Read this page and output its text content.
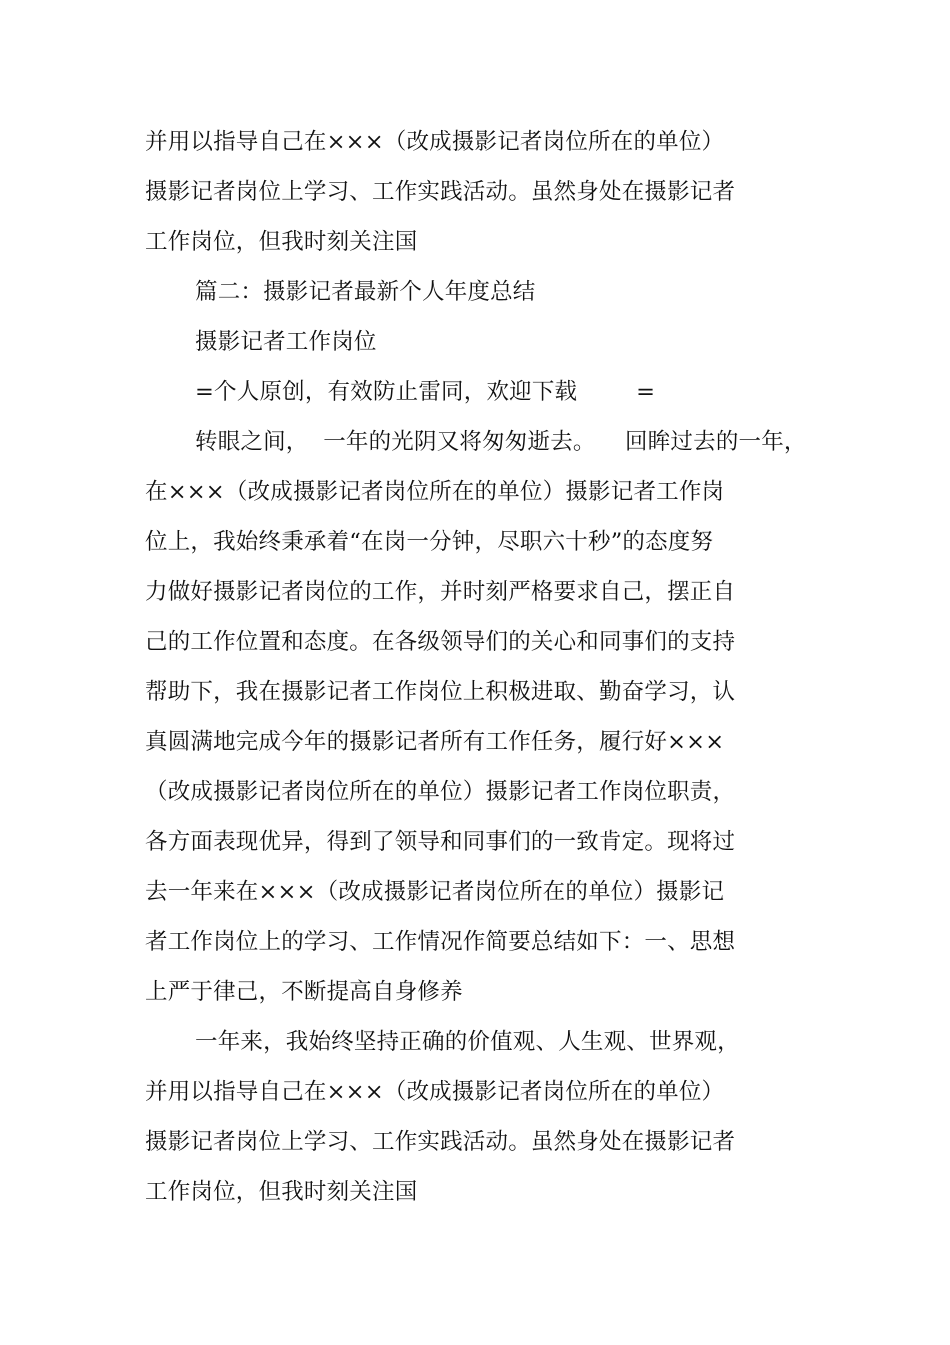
并用以指导自己在×××（改成摄影记者岗位所在的单位）
摄影记者岗位上学习、工作实践活动。虽然身处在摄影记者
工作岗位，但我时刻关注国
篇二：摄影记者最新个人年度总结
摄影记者工作岗位
=个人原创，有效防止雷同，欢迎下载        =
转眼之间，  一年的光阴又将匆匆逝去。    回眸过去的一年，
在×××（改成摄影记者岗位所在的单位）摄影记者工作岗
位上，我始终秉承着“在岗一分钟，尽职六十秒”的态度努
力做好摄影记者岗位的工作，并时刻严格要求自己，摆正自
己的工作位置和态度。在各级领导们的关心和同事们的支持
帮助下，我在摄影记者工作岗位上积极进取、勤奋学习，认
真圆满地完成今年的摄影记者所有工作任务，履行好×××
（改成摄影记者岗位所在的单位）摄影记者工作岗位职责，
各方面表现优异，得到了领导和同事们的一致肯定。现将过
去一年来在×××（改成摄影记者岗位所在的单位）摄影记
者工作岗位上的学习、工作情况作简要总结如下：一、思想
上严于律己，不断提高自身修养
一年来，我始终坚持正确的价值观、人生观、世界观，
并用以指导自己在×××（改成摄影记者岗位所在的单位）
摄影记者岗位上学习、工作实践活动。虽然身处在摄影记者
工作岗位，但我时刻关注国
